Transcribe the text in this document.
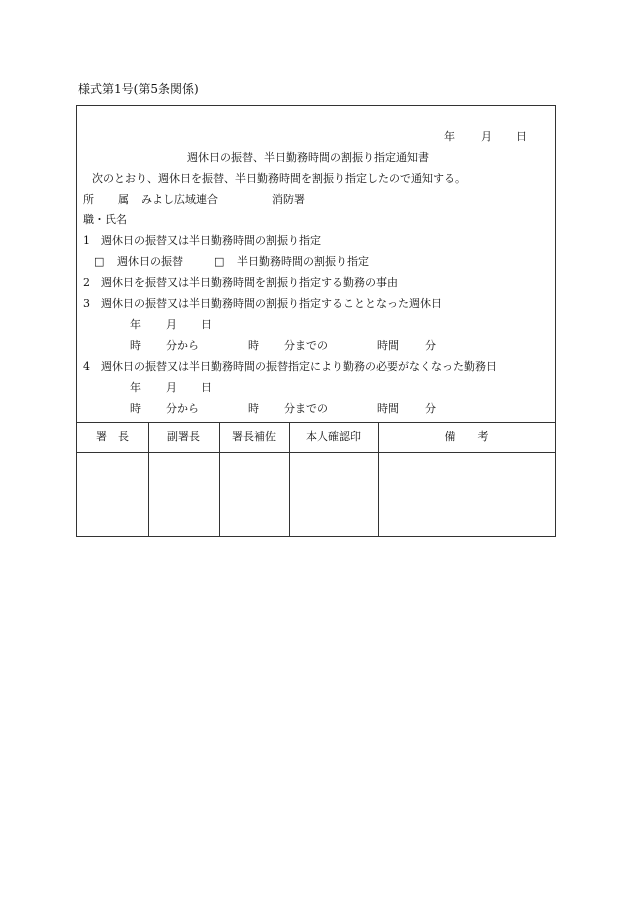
様式第1号(第5条関係)
年 月 日
週休日の振替、半日勤務時間の割振り指定通知書
次のとおり、週休日を振替、半日勤務時間を割振り指定したので通知する。
所 属 みよし広域連合	消防署
職・氏名
1　週休日の振替又は半日勤務時間の割振り指定
□ 週休日の振替	□ 半日勤務時間の割振り指定
2　週休日を振替又は半日勤務時間を割振り指定する勤務の事由
3　週休日の振替又は半日勤務時間の割振り指定することとなった週休日
年 月 日
時 分から	時 分までの	時間 分
4　週休日の振替又は半日勤務時間の振替指定により勤務の必要がなくなった勤務日
年 月 日
時 分から	時 分までの	時間 分
署　長	副署長	署長補佐	本人確認印	備　　考
